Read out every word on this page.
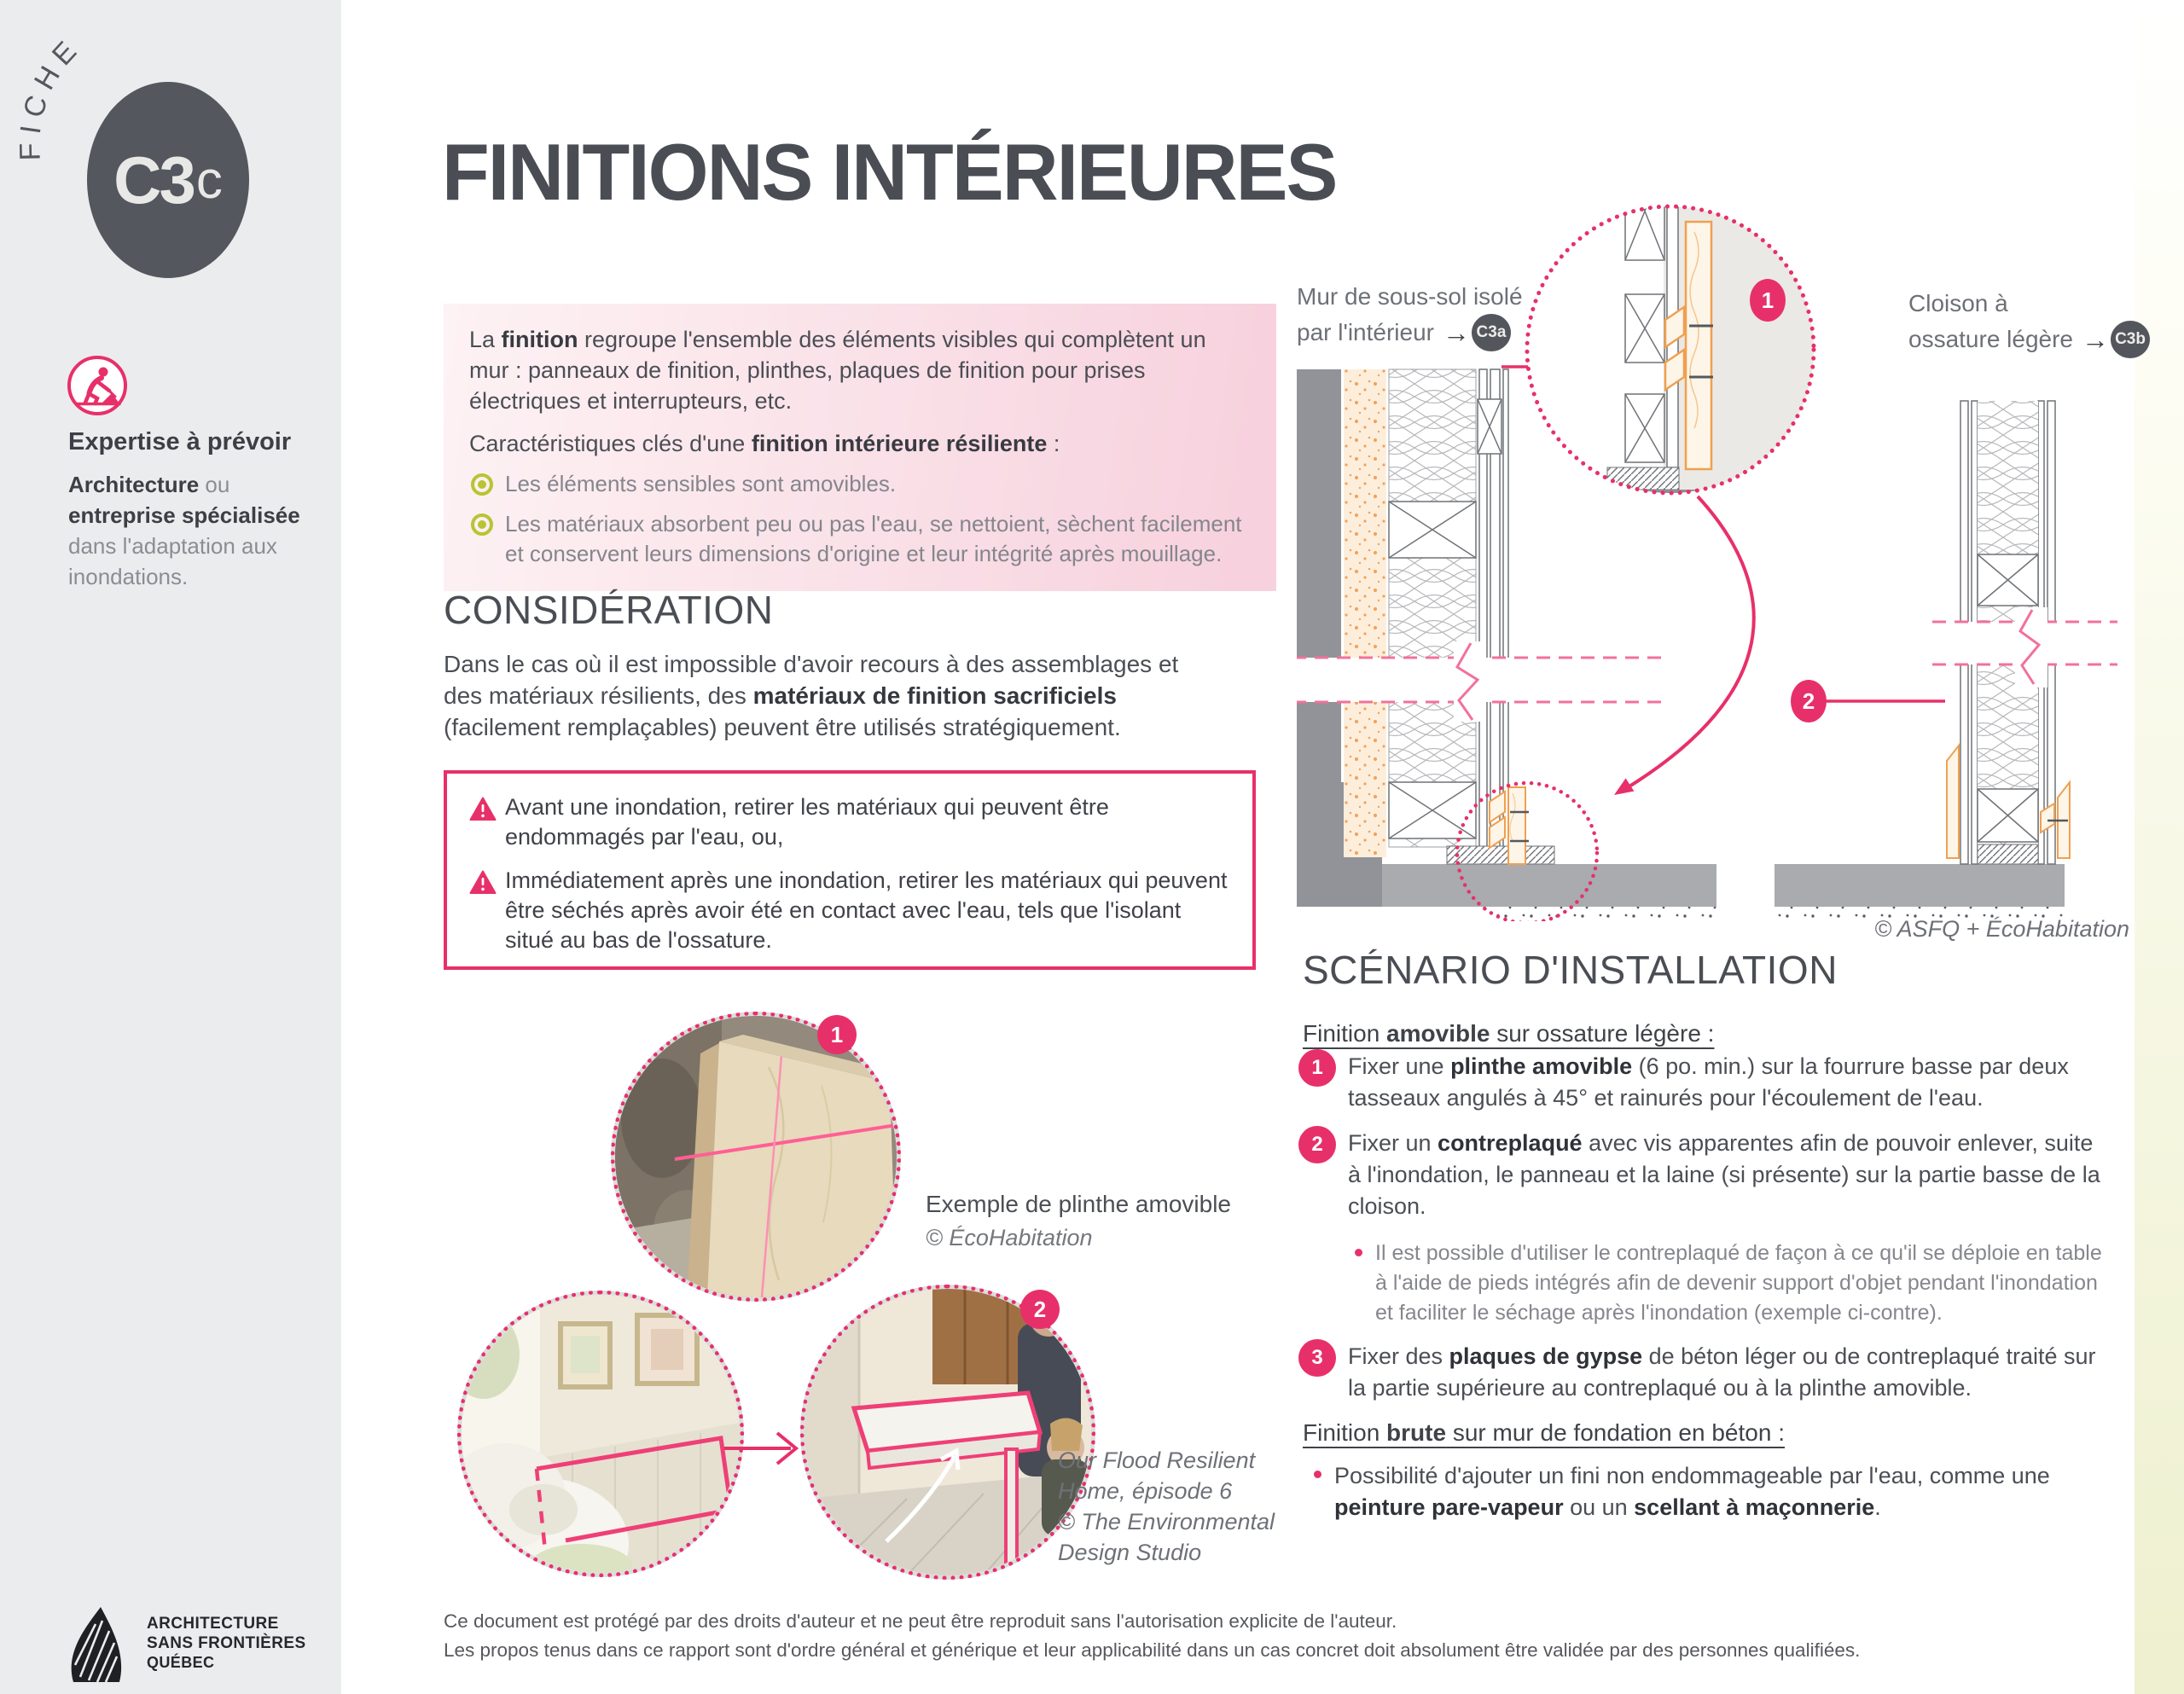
FICHE
C3 c
Expertise à prévoir
Architecture ou entreprise spécialisée dans l'adaptation aux inondations.
ARCHITECTURE
SANS FRONTIÈRES
QUÉBEC
FINITIONS INTÉRIEURES
La finition regroupe l'ensemble des éléments visibles qui complètent un mur : panneaux de finition, plinthes, plaques de finition pour prises électriques et interrupteurs, etc.
Caractéristiques clés d'une finition intérieure résiliente :
Les éléments sensibles sont amovibles.
Les matériaux absorbent peu ou pas l'eau, se nettoient, sèchent facilement et conservent leurs dimensions d'origine et leur intégrité après mouillage.
CONSIDÉRATION
Dans le cas où il est impossible d'avoir recours à des assemblages et des matériaux résilients, des matériaux de finition sacrificiels (facilement remplaçables) peuvent être utilisés stratégiquement.
Avant une inondation, retirer les matériaux qui peuvent être endommagés par l'eau, ou,
Immédiatement après une inondation, retirer les matériaux qui peuvent être séchés après avoir été en contact avec l'eau, tels que l'isolant situé au bas de l'ossature.
1
Exemple de plinthe amovible
© ÉcoHabitation
2
Our Flood Resilient
Home, épisode 6
© The Environmental
Design Studio
Mur de sous-sol isolé
par l'intérieur → C3a
Cloison à
ossature légère → C3b
1
2
© ASFQ + ÉcoHabitation
SCÉNARIO D'INSTALLATION
Finition amovible sur ossature légère :
1	Fixer une plinthe amovible (6 po. min.) sur la fourrure basse par deux tasseaux angulés à 45° et rainurés pour l'écoulement de l'eau.
2	Fixer un contreplaqué avec vis apparentes afin de pouvoir enlever, suite à l'inondation, le panneau et la laine (si présente) sur la partie basse de la cloison.
Il est possible d'utiliser le contreplaqué de façon à ce qu'il se déploie en table à l'aide de pieds intégrés afin de devenir support d'objet pendant l'inondation et faciliter le séchage après l'inondation (exemple ci-contre).
3	Fixer des plaques de gypse de béton léger ou de contreplaqué traité sur la partie supérieure au contreplaqué ou à la plinthe amovible.
Finition brute sur mur de fondation en béton :
Possibilité d'ajouter un fini non endommageable par l'eau, comme une peinture pare-vapeur ou un scellant à maçonnerie.
Ce document est protégé par des droits d'auteur et ne peut être reproduit sans l'autorisation explicite de l'auteur.
Les propos tenus dans ce rapport sont d'ordre général et générique et leur applicabilité dans un cas concret doit absolument être validée par des personnes qualifiées.
